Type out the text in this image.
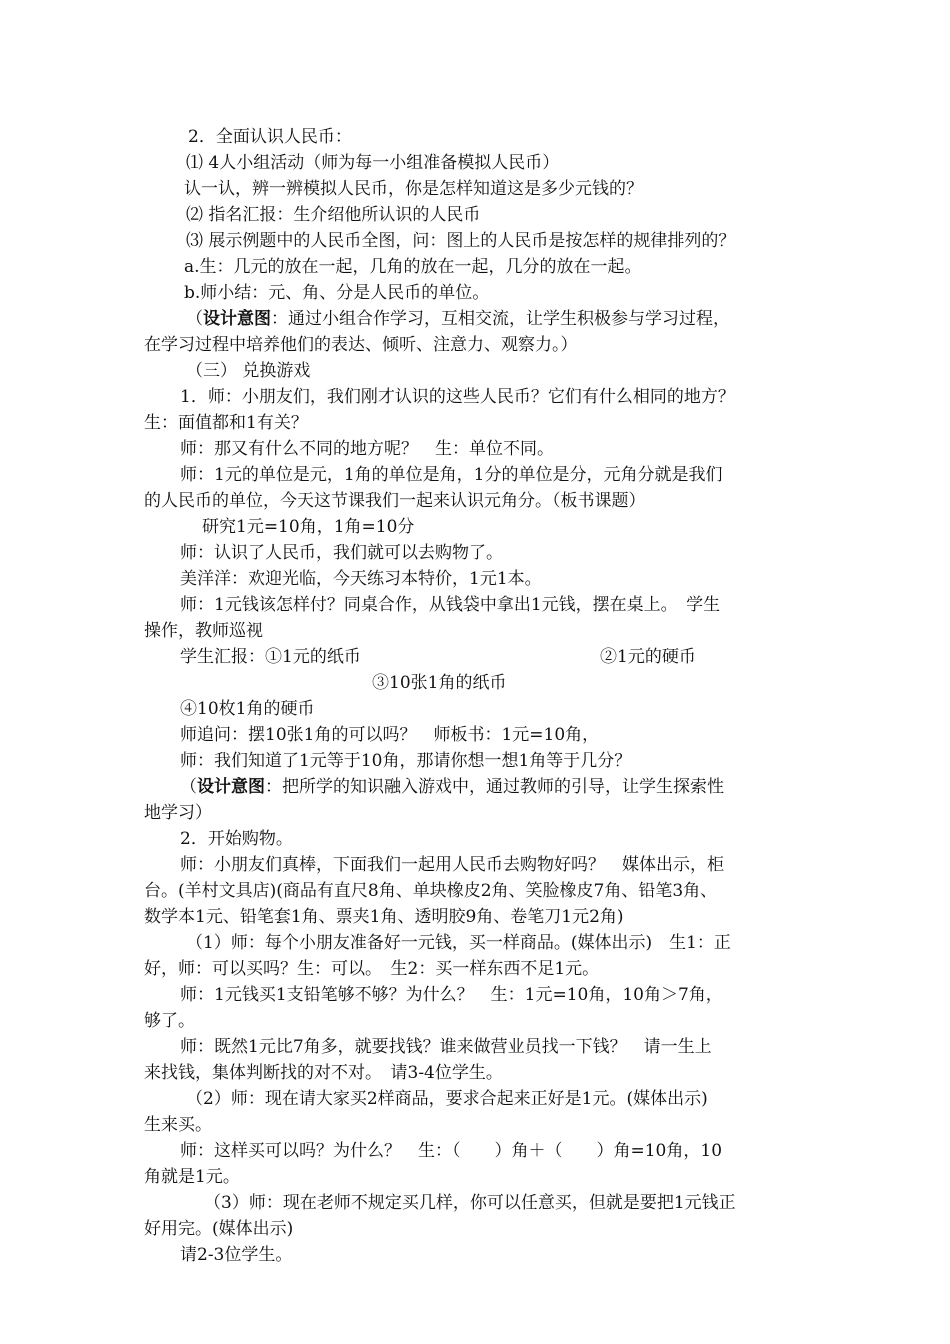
2．全面认识人民币：
⑴ 4人小组活动（师为每一小组准备模拟人民币）
认一认，辨一辨模拟人民币，你是怎样知道这是多少元钱的？
⑵ 指名汇报：生介绍他所认识的人民币
⑶ 展示例题中的人民币全图，问：图上的人民币是按怎样的规律排列的？
a.生：几元的放在一起，几角的放在一起，几分的放在一起。
b.师小结：元、角、分是人民币的单位。
（设计意图：通过小组合作学习，互相交流，让学生积极参与学习过程，
在学习过程中培养他们的表达、倾听、注意力、观察力。）
（三） 兑换游戏
1．师：小朋友们，我们刚才认识的这些人民币？它们有什么相同的地方？
生：面值都和1有关？
师：那又有什么不同的地方呢？　生：单位不同。
师：1元的单位是元，1角的单位是角，1分的单位是分，元角分就是我们
的人民币的单位，今天这节课我们一起来认识元角分。（板书课题）
研究1元=10角，1角=10分
师：认识了人民币，我们就可以去购物了。
美洋洋：欢迎光临，今天练习本特价，1元1本。
师：1元钱该怎样付？同桌合作，从钱袋中拿出1元钱，摆在桌上。　学生
操作，教师巡视
学生汇报：①1元的纸币	②1元的硬币
③10张1角的纸币
④10枚1角的硬币
师追问：摆10张1角的可以吗？　师板书：1元=10角，
师：我们知道了1元等于10角，那请你想一想1角等于几分？
（设计意图：把所学的知识融入游戏中，通过教师的引导，让学生探索性
地学习）
2．开始购物。
师：小朋友们真棒，下面我们一起用人民币去购物好吗？　媒体出示，柜
台。(羊村文具店)(商品有直尺8角、单块橡皮2角、笑脸橡皮7角、铅笔3角、
数学本1元、铅笔套1角、票夹1角、透明胶9角、卷笔刀1元2角)
（1）师：每个小朋友准备好一元钱，买一样商品。(媒体出示)　生1：正
好，师：可以买吗？生：可以。　生2：买一样东西不足1元。
师：1元钱买1支铅笔够不够？为什么？　生：1元=10角，10角＞7角，
够了。
师：既然1元比7角多，就要找钱？谁来做营业员找一下钱？　请一生上
来找钱，集体判断找的对不对。　请3-4位学生。
（2）师：现在请大家买2样商品，要求合起来正好是1元。(媒体出示)
生来买。
师：这样买可以吗？为什么？　生：（　　）角＋（　　）角=10角，10
角就是1元。
（3）师：现在老师不规定买几样，你可以任意买，但就是要把1元钱正
好用完。(媒体出示)
请2-3位学生。
